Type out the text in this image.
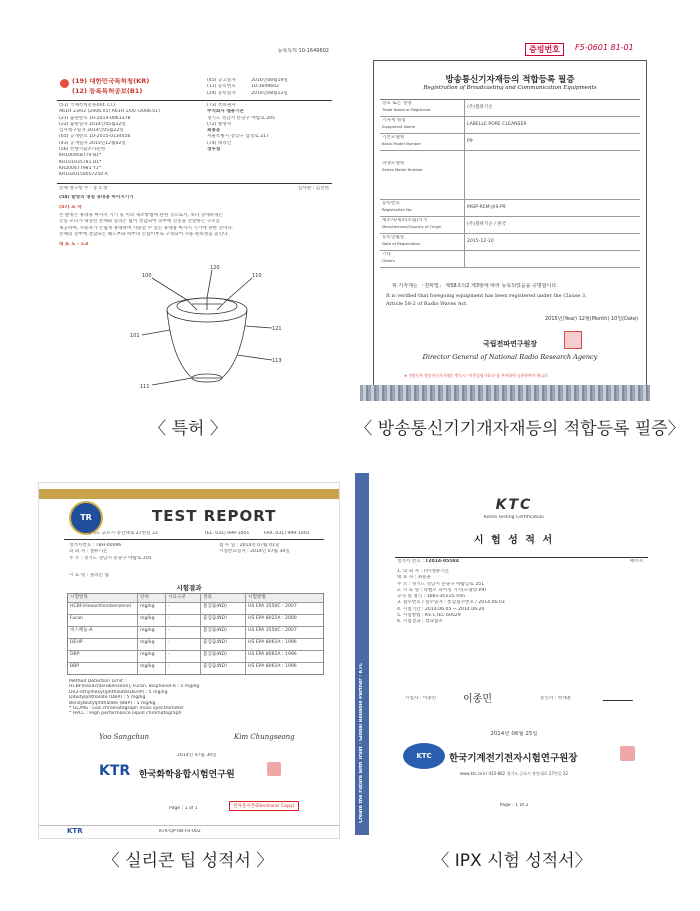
등록특허 10-1649602
(19) 대한민국특허청(KR)
(12) 등록특허공보(B1)
(45) 공고일자	2016년08월19일
(11) 등록번호	10-1649602
(24) 등록일자	2016년08월12일
(51) 국제특허분류(Int. Cl.)
A61H 23/02 (2006.01) A61H 1/00 (2006.01)
(21) 출원번호 10-2014-0061378
(22) 출원일자 2014년05월22일
심사청구일자 2014년05월22일
(65) 공개번호 10-2015-0134456
(43) 공개일자 2015년12월02일
(56) 선행기술조사문헌
KR100958779 B1*
KR101035781 B1*
KR200477981 Y1*
KR1020150057250 A
(73) 특허권자
주식회사 셀퓨기온
경기도 성남시 분당구 야탑로 205
(72) 발명자
최용훈
서울특별시 강남구 삼성로 217
(74) 대리인
정우섭
전체 청구항 수 : 총 5 항	심사관 : 김선현
(54) 발명의 명칭 휴대용 마사지기기
(57) 요 약
본 발명은 휴대용 마사지 기기 및 이의 제조방법에 관한 것으로서, 보다 상세하게는
진동 모터가 내장된 본체와 실리콘 팁이 결합되어 피부에 진동을 전달하는 구조를
제공하며, 사용자가 손쉽게 휴대하여 사용할 수 있는 휴대용 마사지 기기에 관한 것이다.
본체의 상부에 결합되는 헤드부와 하부의 손잡이부로 구성되어 사용 편의성을 높인다.
대 표 도 - 도3
100
120
110
101
121
111
113
〈 특허 〉
증빙번호	F5-0601 81-01
방송통신기자재등의 적합등록 필증
Registration of Broadcasting and Communication Equipments
상호 또는 성명
Trade Name or Registrant	(주)셀퓨기온
기자재 명칭
Equipment Name	LABELLE PORE CLEANSER
기본모델명
Basic Model Number	P9
파생모델명
Series Model Number
등록번호
Registration No.	MSIP-REM-jhS-P9
제조자/제조(조립)국가
Manufacturer/Country of Origin	(주)셀퓨기온 / 한국
등록연월일
Date of Registration	2015-12-10
기타
Others
위 기자재는 「전파법」 제58조의2 제3항에 따라 등록되었음을 증명합니다.
It is verified that foregoing equipment has been registered under the Clause 3,
Article 58-2 of Radio Waves Act.
2015년(Year) 12월(Month) 10일(Date)
국립전파연구원장
Director General of National Radio Research Agency
※ 적합등록 방송통신기자재는 반드시 "적합성평가표시"를 부착하여 유통하여야 합니다.
〈 방송통신기기개자재등의 적합등록 필증〉
YOUR PARTNER FOR THE BEST QUALITY
TR	TEST REPORT
경기도 군포시 흥안대로 27번길 22	TEL. 031) 999-1001	FAX. 031) 999-1001
성적서번호 : TBH-00096
의 뢰 자 : 셀퓨기온
주 소 : 경기도 성남시 분당구 야탑로 205
접 수 일 : 2014년 07월 01일
시험완료일자 : 2014년 07월 30일
시 료 명 : 실리콘 팁
시험결과
시험항목	단위	시료구분	결과	시험방법
HCBF(Hexachlorobenzene)	mg/kg	-	불검출(ND)	US EPA 3550C : 2007
Furan	mg/kg	-	불검출(ND)	US EPA 8021A : 2000
비스페놀-A	mg/kg	-	불검출(ND)	US EPA 3550C : 2007
DEHP	mg/kg	-	불검출(ND)	US EPA 8061A : 1996
DBP	mg/kg	-	불검출(ND)	US EPA 8061A : 1996
BBP	mg/kg	-	불검출(ND)	US EPA 8061A : 1996
Method Detection Limit :
HCBF(hexachlorobenzene), Furan, Bisphenol-A : 5 mg/kg
Di(2-ethylhexyl)phthalate(DEHP) : 5 mg/kg
Dibutylphthalate (DBP) : 5 mg/kg
Benzylbutylphthalate (BBP) : 5 mg/kg
* GC/MS : Gas chromatograph mass spectrometer
* HPLC : High performance liquid chromatograph
Yoo Sangchun	Kim Chungseong
2014년 07월 30일
KTR 한국화학융합시험연구원
Page : 1 of 1	전자문서본(Electronic Copy)
KTR	KTR-QP-08-F0-002
〈 실리콘 팁 성적서 〉
Create the Future with Trust · Global Reliable Partner · KTC
KTC
Korea Testing Certification
시 험 성 적 서
성적서 번호 : T2014-05584	페이지
1. 의 뢰 자 : (주)셀퓨기온
대 표 자 : 최용훈
주 소 : 경기도 성남시 분당구 야탑남로 251
2. 시 료 명 : 라벨르 피어싱 기기(모델명:P9)
규격 및 형식 : 168×35×25 mm
3. 접수번호 / 접수일자 : 통합접수번호 / 2014.06.03
4. 시험기간 : 2014.06.05 ~ 2014.06.20
5. 시험방법 : KS C IEC 60529
6. 시험결과 : 결과참조
시험자 : 이종민	이종민	승인자 : 박재훈
2014년 06월 25일
KTC	한국기계전기전자시험연구원장
www.ktc.re.kr 435-862 경기도 군포시 흥안대로 27번길 22
Page : 1 of 2
〈 IPX 시험 성적서〉
